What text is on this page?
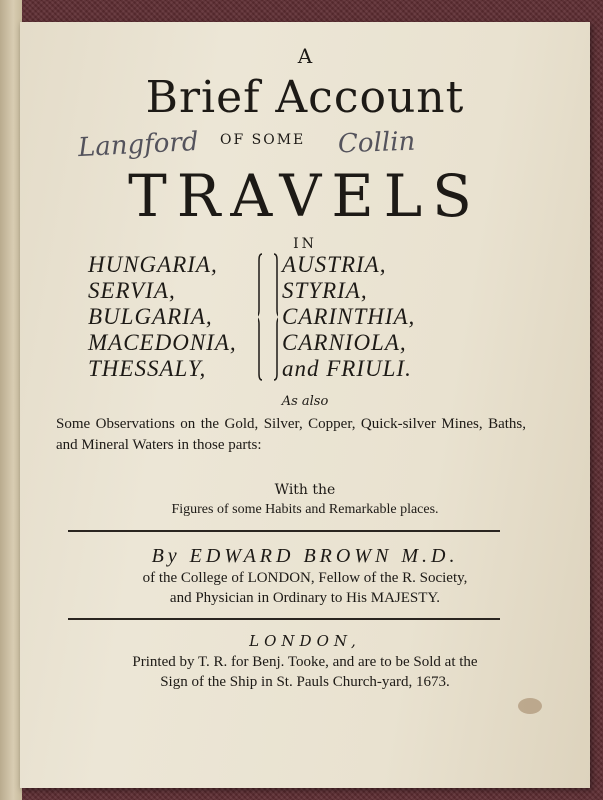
A
Brief Account
Langford OF SOME Collin
TRAVELS
IN
HUNGARIA,
SERVIA,
BULGARIA,
MACEDONIA,
THESSALY,
AUSTRIA,
STYRIA,
CARINTHIA,
CARNIOLA,
and FRIULI.
As also
Some Observations on the Gold, Silver, Copper, Quick-silver Mines, Baths, and Mineral Waters in those parts:
With the
Figures of some Habits and Remarkable places.
By EDWARD BROWN M.D.
of the College of LONDON, Fellow of the R. Society,
and Physician in Ordinary to His MAJESTY.
LONDON,
Printed by T. R. for Benj. Tooke, and are to be Sold at the
Sign of the Ship in St. Pauls Church-yard, 1673.
